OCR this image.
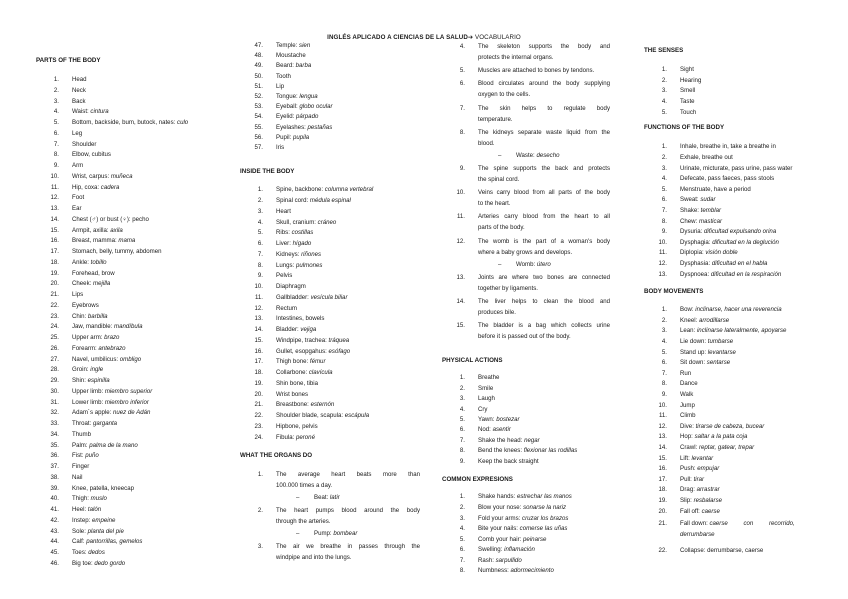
INGLÉS APLICADO A CIENCIAS DE LA SALUD➔ VOCABULARIO

PARTS OF THE BODY

1. Head
2. Neck
3. Back
4. Waist: cintura
5. Bottom, backside, bum, butock, nates: culo
6. Leg
7. Shoulder
8. Elbow, cubitus
9. Arm
10. Wrist, carpus: muñeca
11. Hip, coxa: cadera
12. Foot
13. Ear
14. Chest (♂) or bust (♀): pecho
15. Armpit, axilla: axila
16. Breast, mamma: mama
17. Stomach, belly, tummy, abdomen
18. Ankle: tobillo
19. Forehead, brow
20. Cheek: mejilla
21. Lips
22. Eyebrows
23. Chin: barbilla
24. Jaw, mandible: mandíbula
25. Upper arm: brazo
26. Forearm: antebrazo
27. Navel, umbilicus: ombligo
28. Groin: ingle
29. Shin: espinilla
30. Upper limb: miembro superior
31. Lower limb: miembro inferior
32. Adam´s apple: nuez de Adán
33. Throat: garganta
34. Thumb
35. Palm: palma de la mano
36. Fist: puño
37. Finger
38. Nail
39. Knee, patella, kneecap
40. Thigh: muslo
41. Heel: talón
42. Instep: empeine
43. Sole: planta del pie
44. Calf: pantorrillas, gemelos
45. Toes: dedos
46. Big toe: dedo gordo
47. Temple: sien
48. Moustache
49. Beard: barba
50. Tooth
51. Lip
52. Tongue: lengua
53. Eyeball: globo ocular
54. Eyelid: párpado
55. Eyelashes: pestañas
56. Pupil: pupila
57. Iris

INSIDE THE BODY

1. Spine, backbone: columna vertebral
2. Spinal cord: médula espinal
3. Heart
4. Skull, cranium: cráneo
5. Ribs: costillas
6. Liver: hígado
7. Kidneys: riñones
8. Lungs: pulmones
9. Pelvis
10. Diaphragm
11. Gallbladder: vesícula biliar
12. Rectum
13. Intestines, bowels
14. Bladder: vejiga
15. Windpipe, trachea: tráquea
16. Gullet, esopgahus: esófago
17. Thigh bone: fémur
18. Collarbone: clavícula
19. Shin bone, tibia
20. Wrist bones
21. Breastbone: esternón
22. Shoulder blade, scapula: escápula
23. Hipbone, pelvis
24. Fibula: peroné

WHAT THE ORGANS DO

1. The average heart beats more than
100.000 times a day.
– Beat: latir
2. The heart pumps blood around the body
through the arteries.
– Pump: bombear
3. The air we breathe in passes through the
windpipe and into the lungs.
4. The skeleton supports the body and
protects the internal organs.
5. Muscles are attached to bones by tendons.
6. Blood circulates around the body supplying
oxygen to the cells.
7. The skin helps to regulate body
temperature.
8. The kidneys separate waste liquid from the
blood.
– Waste: desecho
9. The spine supports the back and protects
the spinal cord.
10. Veins carry blood from all parts of the body
to the heart.
11. Arteries carry blood from the heart to all
parts of the body.
12. The womb is the part of a woman's body
where a baby grows and develops.
– Womb: útero
13. Joints are where two bones are connected
together by ligaments.
14. The liver helps to clean the blood and
produces bile.
15. The bladder is a bag which collects urine
before it is passed out of the body.

PHYSICAL ACTIONS

1. Breathe
2. Smile
3. Laugh
4. Cry
5. Yawn: bostezar
6. Nod: asentir
7. Shake the head: negar
8. Bend the knees: flexionar las rodillas
9. Keep the back straight

COMMON EXPRESIONS

1. Shake hands: estrechar las manos
2. Blow your nose: sonarse la nariz
3. Fold your arms: cruzar los brazos
4. Bite your nails: comerse las uñas
5. Comb your hair: peinarse
6. Swelling: inflamación
7. Rash: sarpullido
8. Numbness: adormecimiento

THE SENSES

1. Sight
2. Hearing
3. Smell
4. Taste
5. Touch

FUNCTIONS OF THE BODY

1. Inhale, breathe in, take a breathe in
2. Exhale, breathe out
3. Urinate, micturate, pass urine, pass water
4. Defecate, pass faeces, pass stools
5. Menstruate, have a period
6. Sweat: sudar
7. Shake: temblar
8. Chew: masticar
9. Dysuria: dificultad expulsando orina
10. Dysphagia: dificultad en la deglución
11. Diplopia: visión doble
12. Dysphasia: dificultad en el habla
13. Dyspnoea: dificultad en la respiración

BODY MOVEMENTS

1. Bow: inclinarse, hacer una reverencia
2. Kneel: arrodillarse
3. Lean: inclinarse lateralmente, apoyarse
4. Lie down: tumbarse
5. Stand up: levantarse
6. Sit down: sentarse
7. Run
8. Dance
9. Walk
10. Jump
11. Climb
12. Dive: tirarse de cabeza, bucear
13. Hop: saltar a la pata coja
14. Crawl: reptar, gatear, trepar
15. Lift: levantar
16. Push: empujar
17. Pull: tirar
18. Drag: arrastrar
19. Slip: resbalarse
20. Fall off: caerse
21. Fall down: caerse con recorrido,
derrumbarse
22. Collapse: derrumbarse, caerse
